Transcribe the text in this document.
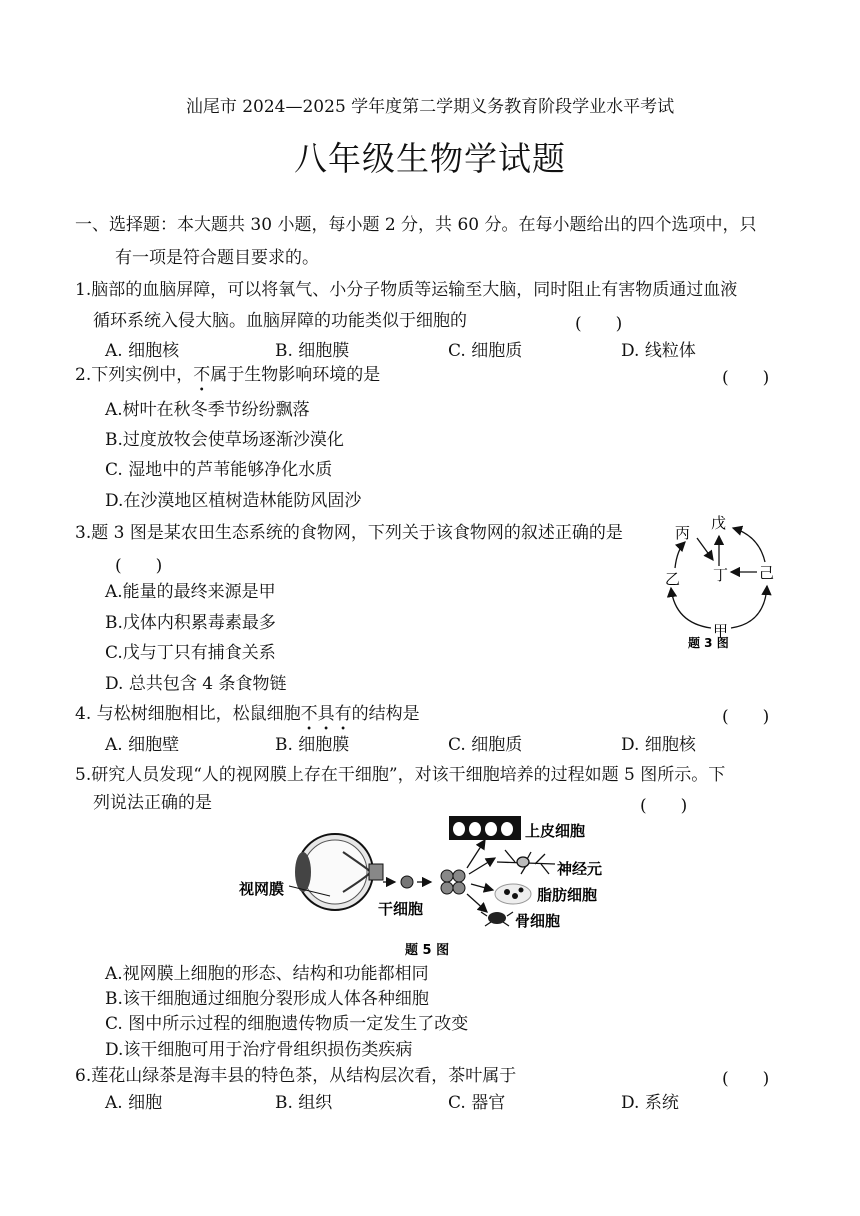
汕尾市 2024—2025 学年度第二学期义务教育阶段学业水平考试
八年级生物学试题
一、选择题：本大题共 30 小题，每小题 2 分，共 60 分。在每小题给出的四个选项中，只
有一项是符合题目要求的。
1.脑部的血脑屏障，可以将氧气、小分子物质等运输至大脑，同时阻止有害物质通过血液
循环系统入侵大脑。血脑屏障的功能类似于细胞的	(　　)
A. 细胞核	B. 细胞膜	C. 细胞质	D. 线粒体
2.下列实例中，不属于生物影响环境的是	(　　)
A.树叶在秋冬季节纷纷飘落
B.过度放牧会使草场逐渐沙漠化
C. 湿地中的芦苇能够净化水质
D.在沙漠地区植树造林能防风固沙
3.题 3 图是某农田生态系统的食物网，下列关于该食物网的叙述正确的是
(　　)
A.能量的最终来源是甲
B.戊体内积累毒素最多
C.戊与丁只有捕食关系
D. 总共包含 4 条食物链
戊
丙
丁 己
乙
甲
题 3 图
4. 与松树细胞相比，松鼠细胞不具有的结构是	(　　)
A. 细胞壁	B. 细胞膜	C. 细胞质	D. 细胞核
5.研究人员发现“人的视网膜上存在干细胞”，对该干细胞培养的过程如题 5 图所示。下
列说法正确的是	(　　)
视网膜
干细胞
上皮细胞
神经元
脂肪细胞
骨细胞
题 5 图
A.视网膜上细胞的形态、结构和功能都相同
B.该干细胞通过细胞分裂形成人体各种细胞
C. 图中所示过程的细胞遗传物质一定发生了改变
D.该干细胞可用于治疗骨组织损伤类疾病
6.莲花山绿茶是海丰县的特色茶，从结构层次看，茶叶属于	(　　)
A. 细胞	B. 组织	C. 器官	D. 系统
